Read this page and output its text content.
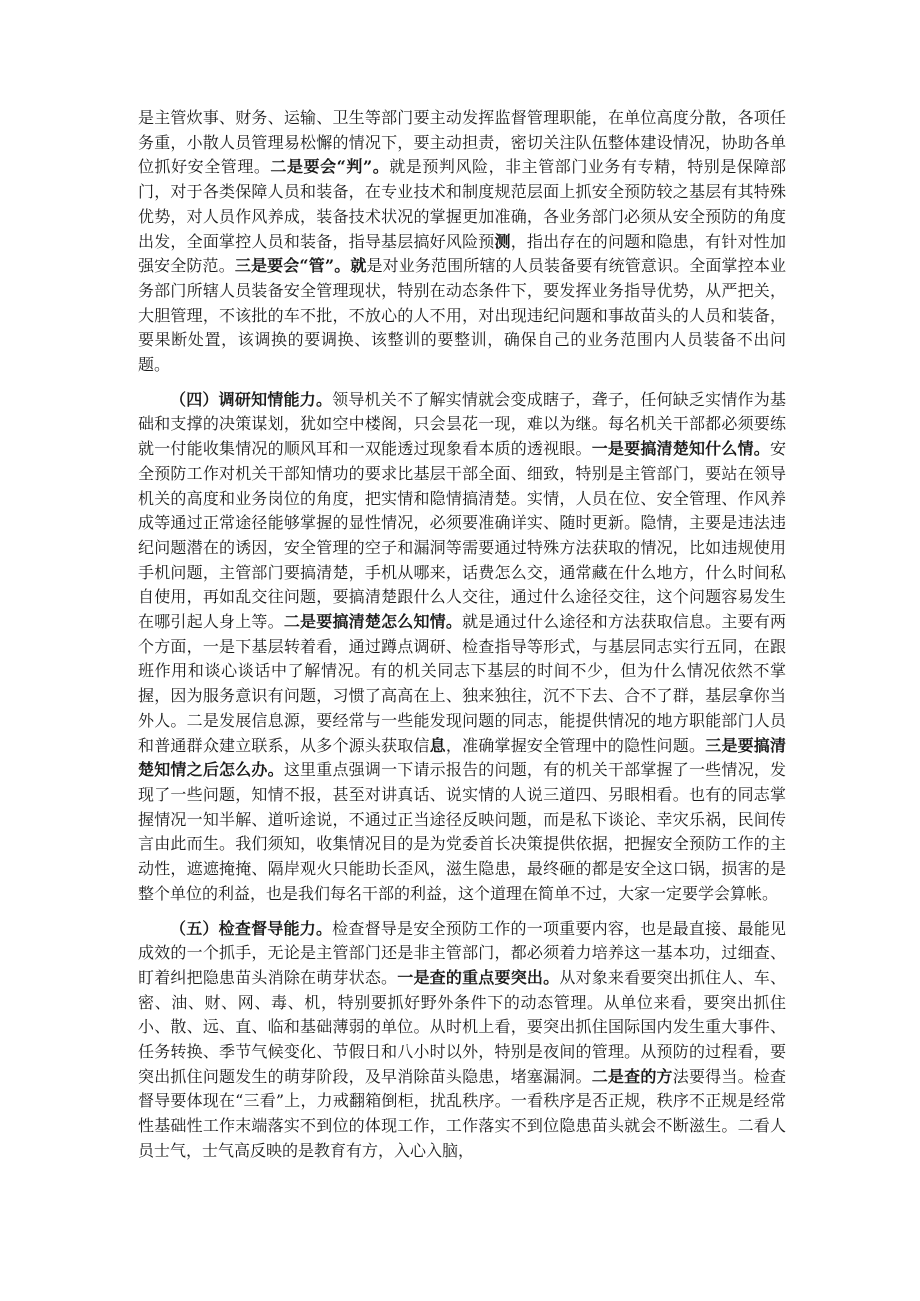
是主管炊事、财务、运输、卫生等部门要主动发挥监督管理职能，在单位高度分散，各项任务重，小散人员管理易松懈的情况下，要主动担责，密切关注队伍整体建设情况，协助各单位抓好安全管理。二是要会“判”。就是预判风险，非主管部门业务有专精，特别是保障部门，对于各类保障人员和装备，在专业技术和制度规范层面上抓安全预防较之基层有其特殊优势，对人员作风养成，装备技术状况的掌握更加准确，各业务部门必须从安全预防的角度出发，全面掌控人员和装备，指导基层搞好风险预测，指出存在的问题和隐患，有针对性加强安全防范。三是要会“管”。就是对业务范围所辖的人员装备要有统管意识。全面掌控本业务部门所辖人员装备安全管理现状，特别在动态条件下，要发挥业务指导优势，从严把关，大胆管理，不该批的车不批，不放心的人不用，对出现违纪问题和事故苗头的人员和装备，要果断处置，该调换的要调换、该整训的要整训，确保自己的业务范围内人员装备不出问题。

（四）调研知情能力。领导机关不了解实情就会变成瞎子，聋子，任何缺乏实情作为基础和支撑的决策谋划，犹如空中楼阁，只会昙花一现，难以为继。每名机关干部都必须要练就一付能收集情况的顺风耳和一双能透过现象看本质的透视眼。一是要搞清楚知什么情。安全预防工作对机关干部知情功的要求比基层干部全面、细致，特别是主管部门，要站在领导机关的高度和业务岗位的角度，把实情和隐情搞清楚。实情，人员在位、安全管理、作风养成等通过正常途径能够掌握的显性情况，必须要准确详实、随时更新。隐情，主要是违法违纪问题潜在的诱因，安全管理的空子和漏洞等需要通过特殊方法获取的情况，比如违规使用手机问题，主管部门要搞清楚，手机从哪来，话费怎么交，通常藏在什么地方，什么时间私自使用，再如乱交往问题，要搞清楚跟什么人交往，通过什么途径交往，这个问题容易发生在哪引起人身上等。二是要搞清楚怎么知情。就是通过什么途径和方法获取信息。主要有两个方面，一是下基层转着看，通过蹲点调研、检查指导等形式，与基层同志实行五同，在跟班作用和谈心谈话中了解情况。有的机关同志下基层的时间不少，但为什么情况依然不掌握，因为服务意识有问题，习惯了高高在上、独来独往，沉不下去、合不了群，基层拿你当外人。二是发展信息源，要经常与一些能发现问题的同志，能提供情况的地方职能部门人员和普通群众建立联系，从多个源头获取信息，准确掌握安全管理中的隐性问题。三是要搞清楚知情之后怎么办。这里重点强调一下请示报告的问题，有的机关干部掌握了一些情况，发现了一些问题，知情不报，甚至对讲真话、说实情的人说三道四、另眼相看。也有的同志掌握情况一知半解、道听途说，不通过正当途径反映问题，而是私下谈论、幸灾乐祸，民间传言由此而生。我们须知，收集情况目的是为党委首长决策提供依据，把握安全预防工作的主动性，遮遮掩掩、隔岸观火只能助长歪风，滋生隐患，最终砸的都是安全这口锅，损害的是整个单位的利益，也是我们每名干部的利益，这个道理在简单不过，大家一定要学会算帐。

（五）检查督导能力。检查督导是安全预防工作的一项重要内容，也是最直接、最能见成效的一个抓手，无论是主管部门还是非主管部门，都必须着力培养这一基本功，过细查、盯着纠把隐患苗头消除在萌芽状态。一是查的重点要突出。从对象来看要突出抓住人、车、密、油、财、网、毒、机，特别要抓好野外条件下的动态管理。从单位来看，要突出抓住小、散、远、直、临和基础薄弱的单位。从时机上看，要突出抓住国际国内发生重大事件、任务转换、季节气候变化、节假日和八小时以外，特别是夜间的管理。从预防的过程看，要突出抓住问题发生的萌芽阶段，及早消除苗头隐患，堵塞漏洞。二是查的方法要得当。检查督导要体现在“三看”上，力戒翻箱倒柜，扰乱秩序。一看秩序是否正规，秩序不正规是经常性基础性工作末端落实不到位的体现工作，工作落实不到位隐患苗头就会不断滋生。二看人员士气，士气高反映的是教育有方，入心入脑，
